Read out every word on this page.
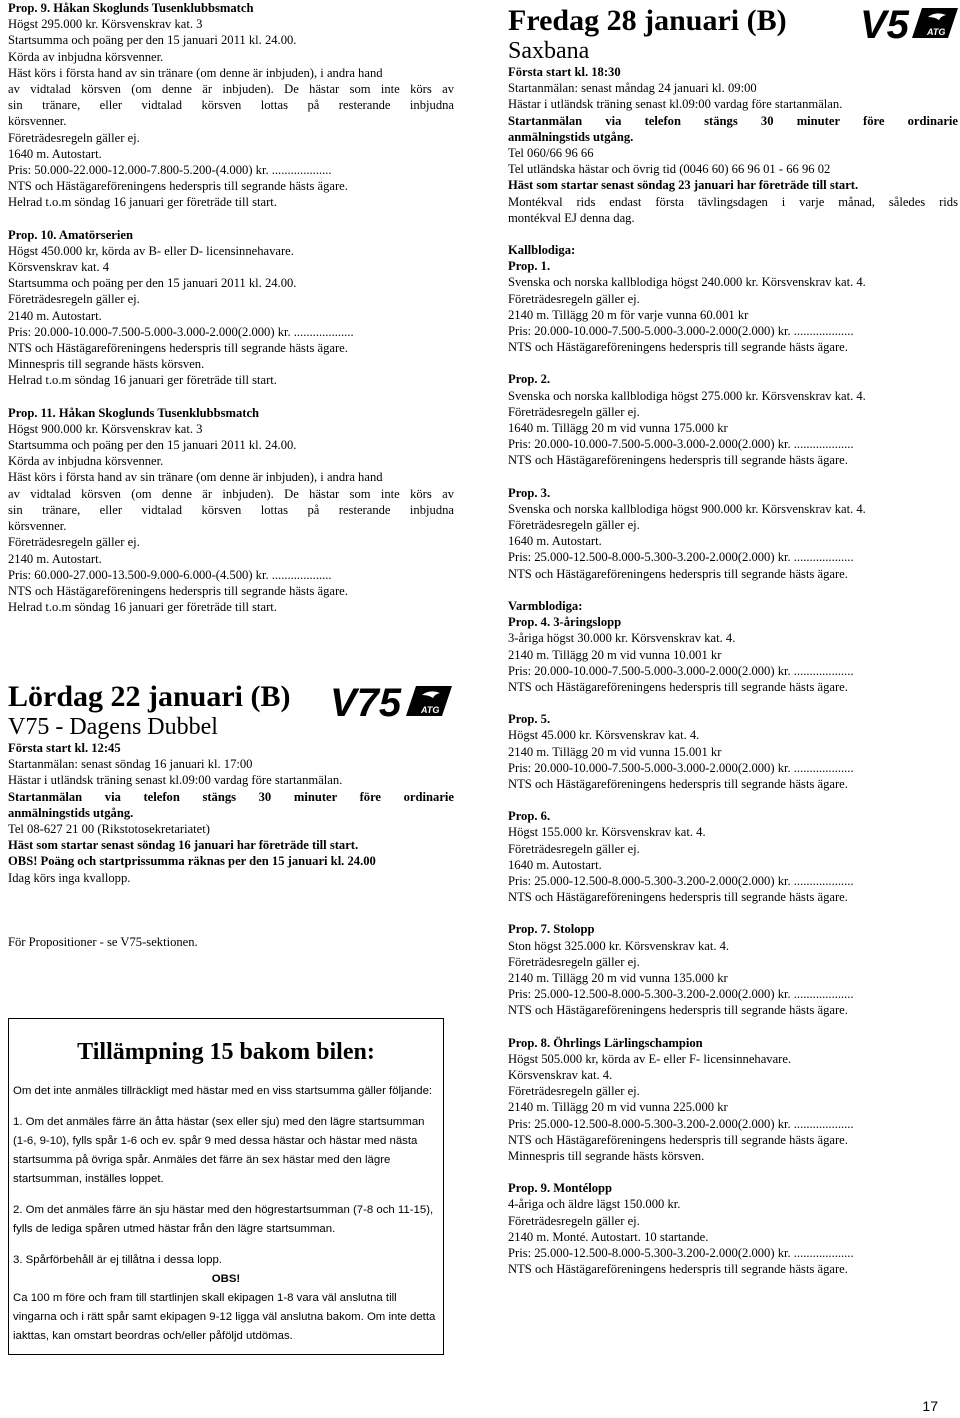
Prop. 9. Håkan Skoglunds Tusenklubbsmatch
Högst 295.000 kr. Körsvenskrav kat. 3
Startsumma och poäng per den 15 januari 2011 kl. 24.00.
Körda av inbjudna körsvenner.
Häst körs i första hand av sin tränare (om denne är inbjuden), i andra hand
av vidtalad körsven (om denne är inbjuden). De hästar som inte körs av
sin tränare, eller vidtalad körsven lottas på resterande inbjudna
körsvenner.
Företrädesregeln gäller ej.
1640 m. Autostart.
Pris: 50.000-22.000-12.000-7.800-5.200-(4.000) kr. ...................
NTS och Hästägareföreningens hederspris till segrande hästs ägare.
Helrad t.o.m söndag 16 januari ger företräde till start.
Prop. 10. Amatörserien
Högst 450.000 kr, körda av B- eller D- licensinnehavare.
Körsvenskrav kat. 4
Startsumma och poäng per den 15 januari 2011 kl. 24.00.
Företrädesregeln gäller ej.
2140 m. Autostart.
Pris: 20.000-10.000-7.500-5.000-3.000-2.000(2.000) kr. ...................
NTS och Hästägareföreningens hederspris till segrande hästs ägare.
Minnespris till segrande hästs körsven.
Helrad t.o.m söndag 16 januari ger företräde till start.
Prop. 11. Håkan Skoglunds Tusenklubbsmatch
Högst 900.000 kr. Körsvenskrav kat. 3
Startsumma och poäng per den 15 januari 2011 kl. 24.00.
Körda av inbjudna körsvenner.
Häst körs i första hand av sin tränare (om denne är inbjuden), i andra hand
av vidtalad körsven (om denne är inbjuden). De hästar som inte körs av
sin tränare, eller vidtalad körsven lottas på resterande inbjudna
körsvenner.
Företrädesregeln gäller ej.
2140 m. Autostart.
Pris: 60.000-27.000-13.500-9.000-6.000-(4.500) kr. ...................
NTS och Hästägareföreningens hederspris till segrande hästs ägare.
Helrad t.o.m söndag 16 januari ger företräde till start.
V75 ATG
Lördag 22 januari (B)
V75 - Dagens Dubbel
Första start kl. 12:45
Startanmälan: senast söndag 16 januari kl. 17:00
Hästar i utländsk träning senast kl.09:00 vardag före startanmälan.
Startanmälan via telefon stängs 30 minuter före ordinarie
anmälningstids utgång.
Tel 08-627 21 00 (Rikstotosekretariatet)
Häst som startar senast söndag 16 januari har företräde till start.
OBS! Poäng och startprissumma räknas per den 15 januari kl. 24.00
Idag körs inga kvallopp.
För Propositioner - se V75-sektionen.
Tillämpning 15 bakom bilen:

Om det inte anmäles tillräckligt med hästar med en viss startsumma gäller följande:

1. Om det anmäles färre än åtta hästar (sex eller sju) med den lägre startsumman (1-6, 9-10), fylls spår 1-6 och ev. spår 9 med dessa hästar och hästar med nästa startsumma på övriga spår. Anmäles det färre än sex hästar med den lägre startsumman, inställes loppet.

2. Om det anmäles färre än sju hästar med den högrestartsumman (7-8 och 11-15), fylls de lediga spåren utmed hästar från den lägre startsumman.

3. Spårförbehåll är ej tillåtna i dessa lopp.

OBS!

Ca 100 m före och fram till startlinjen skall ekipagen 1-8 vara väl anslutna till vingarna och i rätt spår samt ekipagen 9-12 ligga väl anslutna bakom. Om inte detta iakttas, kan omstart beordras och/eller påföljd utdömas.

V5 ATG
Fredag 28 januari (B)
Saxbana
Första start kl. 18:30
Startanmälan: senast måndag 24 januari kl. 09:00
Hästar i utländsk träning senast kl.09:00 vardag före startanmälan.
Startanmälan via telefon stängs 30 minuter före ordinarie
anmälningstids utgång.
Tel 060/66 96 66
Tel utländska hästar och övrig tid (0046 60) 66 96 01 - 66 96 02
Häst som startar senast söndag 23 januari har företräde till start.
Montékval rids endast första tävlingsdagen i varje månad, således rids
montékval EJ denna dag.
Kallblodiga:
Prop. 1.
Svenska och norska kallblodiga högst 240.000 kr. Körsvenskrav kat. 4.
Företrädesregeln gäller ej.
2140 m. Tillägg 20 m för varje vunna 60.001 kr
Pris: 20.000-10.000-7.500-5.000-3.000-2.000(2.000) kr. ...................
NTS och Hästägareföreningens hederspris till segrande hästs ägare.
Prop. 2.
Svenska och norska kallblodiga högst 275.000 kr. Körsvenskrav kat. 4.
Företrädesregeln gäller ej.
1640 m. Tillägg 20 m vid vunna 175.000 kr
Pris: 20.000-10.000-7.500-5.000-3.000-2.000(2.000) kr. ...................
NTS och Hästägareföreningens hederspris till segrande hästs ägare.
Prop. 3.
Svenska och norska kallblodiga högst 900.000 kr. Körsvenskrav kat. 4.
Företrädesregeln gäller ej.
1640 m. Autostart.
Pris: 25.000-12.500-8.000-5.300-3.200-2.000(2.000) kr. ...................
NTS och Hästägareföreningens hederspris till segrande hästs ägare.
Varmblodiga:
Prop. 4. 3-åringslopp
3-åriga högst 30.000 kr. Körsvenskrav kat. 4.
2140 m. Tillägg 20 m vid vunna 10.001 kr
Pris: 20.000-10.000-7.500-5.000-3.000-2.000(2.000) kr. ...................
NTS och Hästägareföreningens hederspris till segrande hästs ägare.
Prop. 5.
Högst 45.000 kr. Körsvenskrav kat. 4.
2140 m. Tillägg 20 m vid vunna 15.001 kr
Pris: 20.000-10.000-7.500-5.000-3.000-2.000(2.000) kr. ...................
NTS och Hästägareföreningens hederspris till segrande hästs ägare.
Prop. 6.
Högst 155.000 kr. Körsvenskrav kat. 4.
Företrädesregeln gäller ej.
1640 m. Autostart.
Pris: 25.000-12.500-8.000-5.300-3.200-2.000(2.000) kr. ...................
NTS och Hästägareföreningens hederspris till segrande hästs ägare.
Prop. 7. Stolopp
Ston högst 325.000 kr. Körsvenskrav kat. 4.
Företrädesregeln gäller ej.
2140 m. Tillägg 20 m vid vunna 135.000 kr
Pris: 25.000-12.500-8.000-5.300-3.200-2.000(2.000) kr. ...................
NTS och Hästägareföreningens hederspris till segrande hästs ägare.
Prop. 8. Öhrlings Lärlingschampion
Högst 505.000 kr, körda av E- eller F- licensinnehavare.
Körsvenskrav kat. 4.
Företrädesregeln gäller ej.
2140 m. Tillägg 20 m vid vunna 225.000 kr
Pris: 25.000-12.500-8.000-5.300-3.200-2.000(2.000) kr. ...................
NTS och Hästägareföreningens hederspris till segrande hästs ägare.
Minnespris till segrande hästs körsven.
Prop. 9. Montélopp
4-åriga och äldre lägst 150.000 kr.
Företrädesregeln gäller ej.
2140 m. Monté. Autostart. 10 startande.
Pris: 25.000-12.500-8.000-5.300-3.200-2.000(2.000) kr. ...................
NTS och Hästägareföreningens hederspris till segrande hästs ägare.
17
